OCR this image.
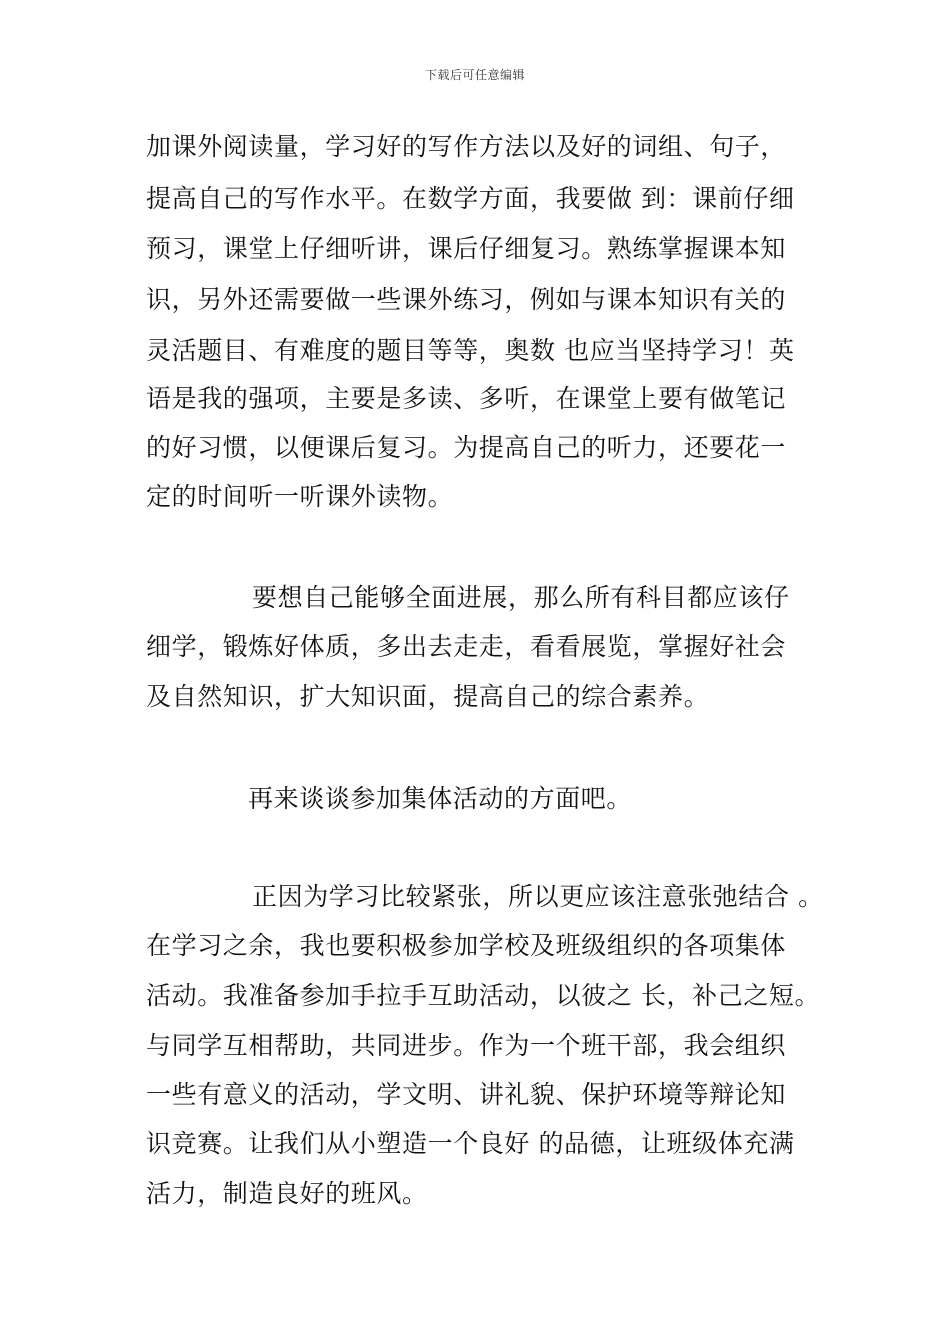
下载后可任意编辑
加课外阅读量，学习好的写作方法以及好的词组、句子，
提高自己的写作水平。在数学方面，我要做 到：课前仔细
预习，课堂上仔细听讲，课后仔细复习。熟练掌握课本知
识，另外还需要做一些课外练习，例如与课本知识有关的
灵活题目、有难度的题目等等，奥数 也应当坚持学习！英
语是我的强项，主要是多读、多听，在课堂上要有做笔记
的好习惯，以便课后复习。为提高自己的听力，还要花一
定的时间听一听课外读物。
要想自己能够全面进展，那么所有科目都应该仔
细学，锻炼好体质，多出去走走，看看展览，掌握好社会
及自然知识，扩大知识面，提高自己的综合素养。
再来谈谈参加集体活动的方面吧。
正因为学习比较紧张，所以更应该注意张弛结合 。
在学习之余，我也要积极参加学校及班级组织的各项集体
活动。我准备参加手拉手互助活动，以彼之 长，补己之短。
与同学互相帮助，共同进步。作为一个班干部，我会组织
一些有意义的活动，学文明、讲礼貌、保护环境等辩论知
识竞赛。让我们从小塑造一个良好 的品德，让班级体充满
活力，制造良好的班风。
